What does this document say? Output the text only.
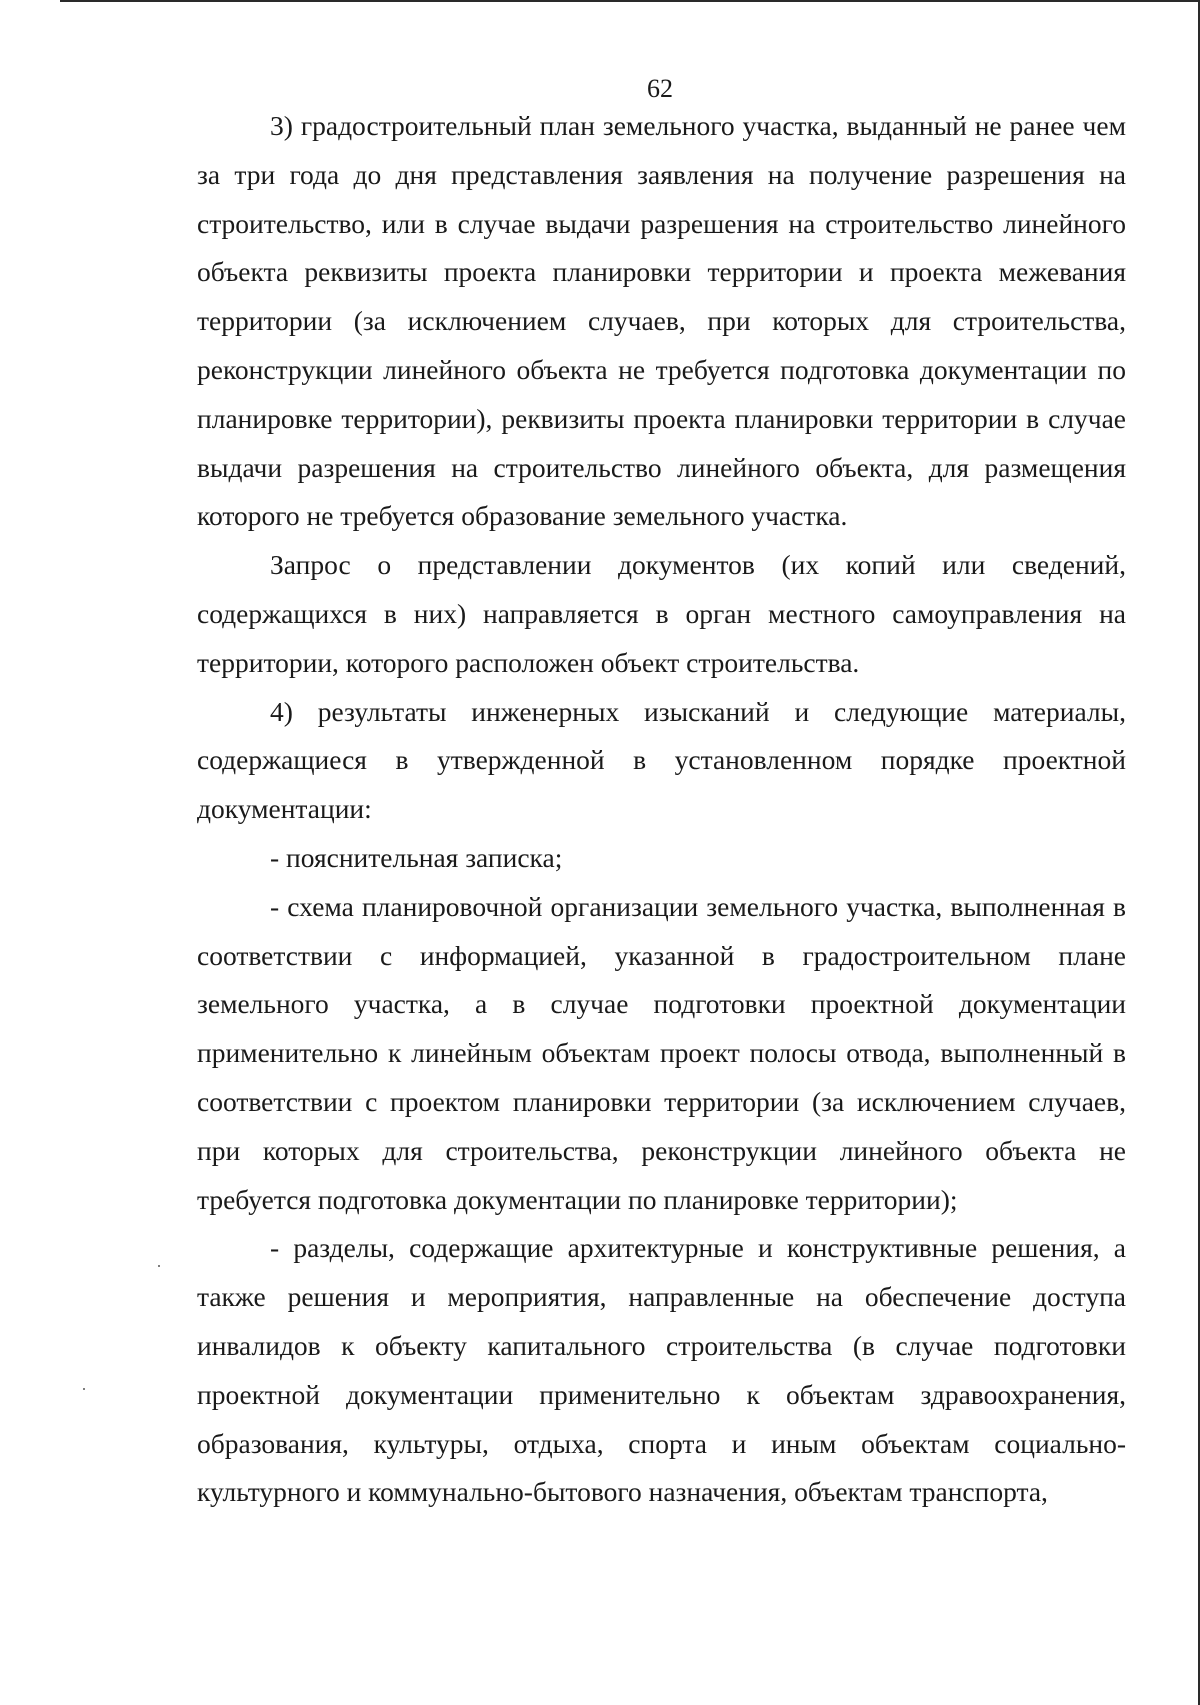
62

3) градостроительный план земельного участка, выданный не ранее чем за три года до дня представления заявления на получение разрешения на строительство, или в случае выдачи разрешения на строительство линейного объекта реквизиты проекта планировки территории и проекта межевания территории (за исключением случаев, при которых для строительства, реконструкции линейного объекта не требуется подготовка документации по планировке территории), реквизиты проекта планировки территории в случае выдачи разрешения на строительство линейного объекта, для размещения которого не требуется образование земельного участка.

Запрос о представлении документов (их копий или сведений, содержащихся в них) направляется в орган местного самоуправления на территории, которого расположен объект строительства.

4) результаты инженерных изысканий и следующие материалы, содержащиеся в утвержденной в установленном порядке проектной документации:

- пояснительная записка;

- схема планировочной организации земельного участка, выполненная в соответствии с информацией, указанной в градостроительном плане земельного участка, а в случае подготовки проектной документации применительно к линейным объектам проект полосы отвода, выполненный в соответствии с проектом планировки территории (за исключением случаев, при которых для строительства, реконструкции линейного объекта не требуется подготовка документации по планировке территории);

- разделы, содержащие архитектурные и конструктивные решения, а также решения и мероприятия, направленные на обеспечение доступа инвалидов к объекту капитального строительства (в случае подготовки проектной документации применительно к объектам здравоохранения, образования, культуры, отдыха, спорта и иным объектам социально-культурного и коммунально-бытового назначения, объектам транспорта,
